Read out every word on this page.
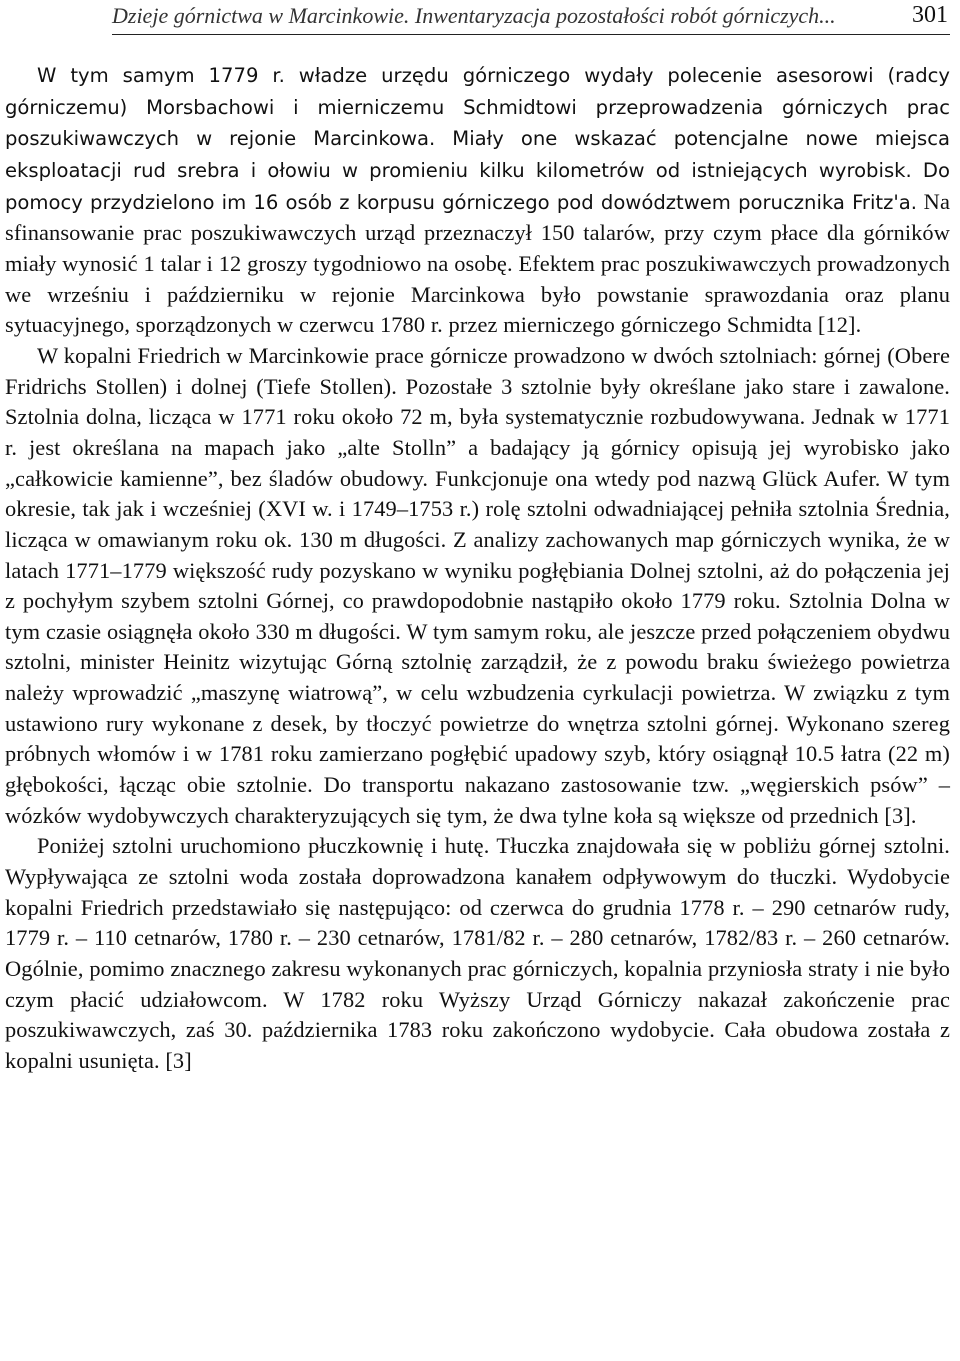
Dzieje górnictwa w Marcinkowie. Inwentaryzacja pozostałości robót górniczych...	301

W tym samym 1779 r. władze urzędu górniczego wydały polecenie asesorowi (radcy górniczemu) Morsbachowi i mierniczemu Schmidtowi przeprowadzenia górniczych prac poszukiwawczych w rejonie Marcinkowa. Miały one wskazać potencjalne nowe miejsca eksploatacji rud srebra i ołowiu w promieniu kilku kilometrów od istniejących wyrobisk. Do pomocy przydzielono im 16 osób z korpusu górniczego pod dowództwem porucznika Fritz'a. Na sfinansowanie prac poszukiwawczych urząd przeznaczył 150 talarów, przy czym płace dla górników miały wynosić 1 talar i 12 groszy tygodniowo na osobę. Efektem prac poszukiwawczych prowadzonych we wrześniu i październiku w rejonie Marcinkowa było powstanie sprawozdania oraz planu sytuacyjnego, sporządzonych w czerwcu 1780 r. przez mierniczego górniczego Schmidta [12].

W kopalni Friedrich w Marcinkowie prace górnicze prowadzono w dwóch sztolniach: górnej (Obere Fridrichs Stollen) i dolnej (Tiefe Stollen). Pozostałe 3 sztolnie były określane jako stare i zawalone. Sztolnia dolna, licząca w 1771 roku około 72 m, była systematycznie rozbudowywana. Jednak w 1771 r. jest określana na mapach jako „alte Stolln” a badający ją górnicy opisują jej wyrobisko jako „całkowicie kamienne”, bez śladów obudowy. Funkcjonuje ona wtedy pod nazwą Glück Aufer. W tym okresie, tak jak i wcześniej (XVI w. i 1749–1753 r.) rolę sztolni odwadniającej pełniła sztolnia Średnia, licząca w omawianym roku ok. 130 m długości. Z analizy zachowanych map górniczych wynika, że w latach 1771–1779 większość rudy pozyskano w wyniku pogłębiania Dolnej sztolni, aż do połączenia jej z pochyłym szybem sztolni Górnej, co prawdopodobnie nastąpiło około 1779 roku. Sztolnia Dolna w tym czasie osiągnęła około 330 m długości. W tym samym roku, ale jeszcze przed połączeniem obydwu sztolni, minister Heinitz wizytując Górną sztolnię zarządził, że z powodu braku świeżego powietrza należy wprowadzić „maszynę wiatrową”, w celu wzbudzenia cyrkulacji powietrza. W związku z tym ustawiono rury wykonane z desek, by tłoczyć powietrze do wnętrza sztolni górnej. Wykonano szereg próbnych włomów i w 1781 roku zamierzano pogłębić upadowy szyb, który osiągnął 10.5 łatra (22 m) głębokości, łącząc obie sztolnie. Do transportu nakazano zastosowanie tzw. „węgierskich psów” – wózków wydobywczych charakteryzujących się tym, że dwa tylne koła są większe od przednich [3].

Poniżej sztolni uruchomiono płuczkownię i hutę. Tłuczka znajdowała się w pobliżu górnej sztolni. Wypływająca ze sztolni woda została doprowadzona kanałem odpływowym do tłuczki. Wydobycie kopalni Friedrich przedstawiało się następująco: od czerwca do grudnia 1778 r. – 290 cetnarów rudy, 1779 r. – 110 cetnarów, 1780 r. – 230 cetnarów, 1781/82 r. – 280 cetnarów, 1782/83 r. – 260 cetnarów. Ogólnie, pomimo znacznego zakresu wykonanych prac górniczych, kopalnia przyniosła straty i nie było czym płacić udziałowcom. W 1782 roku Wyższy Urząd Górniczy nakazał zakończenie prac poszukiwawczych, zaś 30. października 1783 roku zakończono wydobycie. Cała obudowa została z kopalni usunięta. [3]
